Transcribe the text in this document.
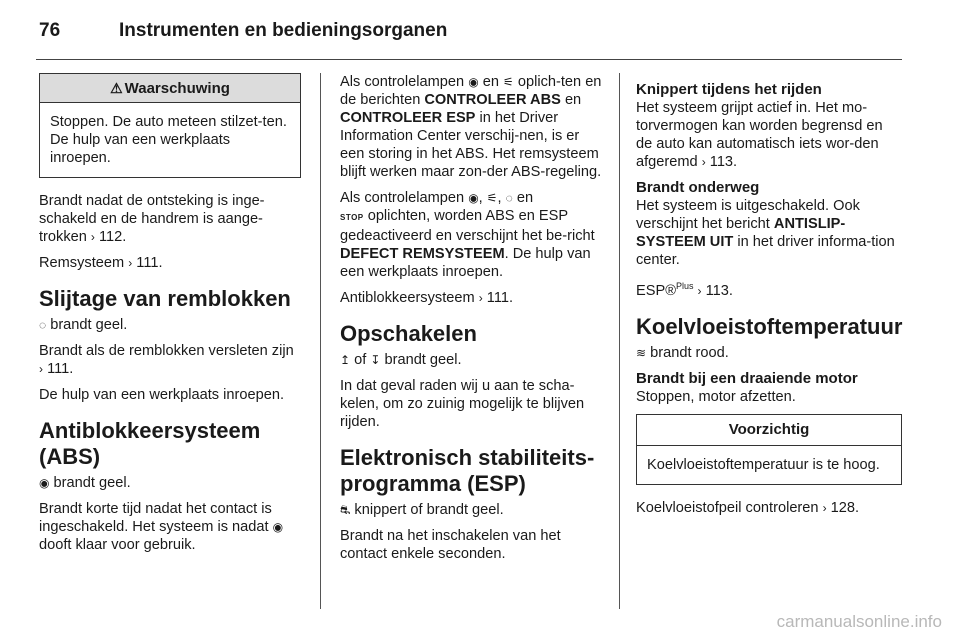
76	Instrumenten en bedieningsorganen
⚠ Waarschuwing
Stoppen. De auto meteen stilzet-ten. De hulp van een werkplaats inroepen.

Brandt nadat de ontsteking is inge-schakeld en de handrem is aange-trokken › 112.

Remsysteem › 111.

Slijtage van remblokken

◌ brandt geel.

Brandt als de remblokken versleten zijn › 111.

De hulp van een werkplaats inroepen.

Antiblokkeersysteem (ABS)

◉ brandt geel.

Brandt korte tijd nadat het contact is ingeschakeld. Het systeem is nadat ◉ dooft klaar voor gebruik.

Als controlelampen ◉ en ⚟ oplich-ten en de berichten CONTROLEER ABS en CONTROLEER ESP in het Driver Information Center verschij-nen, is er een storing in het ABS. Het remsysteem blijft werken maar zon-der ABS-regeling.

Als controlelampen ◉, ⚟, ◌ en
STOP oplichten, worden ABS en ESP gedeactiveerd en verschijnt het be-richt DEFECT REMSYSTEEM. De hulp van een werkplaats inroepen.

Antiblokkeersysteem › 111.

Opschakelen

↥ of ↧ brandt geel.

In dat geval raden wij u aan te scha-kelen, om zo zuinig mogelijk te blijven rijden.

Elektronisch stabiliteits-programma (ESP)

⛐ knippert of brandt geel.

Brandt na het inschakelen van het contact enkele seconden.

Knippert tijdens het rijden

Het systeem grijpt actief in. Het mo-torvermogen kan worden begrensd en de auto kan automatisch iets wor-den afgeremd › 113.

Brandt onderweg

Het systeem is uitgeschakeld. Ook verschijnt het bericht ANTISLIP-SYSTEEM UIT in het driver informa-tion center.

ESP®$^{Plus}$ › 113.

Koelvloeistoftemperatuur

≋ brandt rood.

Brandt bij een draaiende motor

Stoppen, motor afzetten.

Voorzichtig
Koelvloeistoftemperatuur is te hoog.

Koelvloeistofpeil controleren › 128.

carmanualsonline.info
